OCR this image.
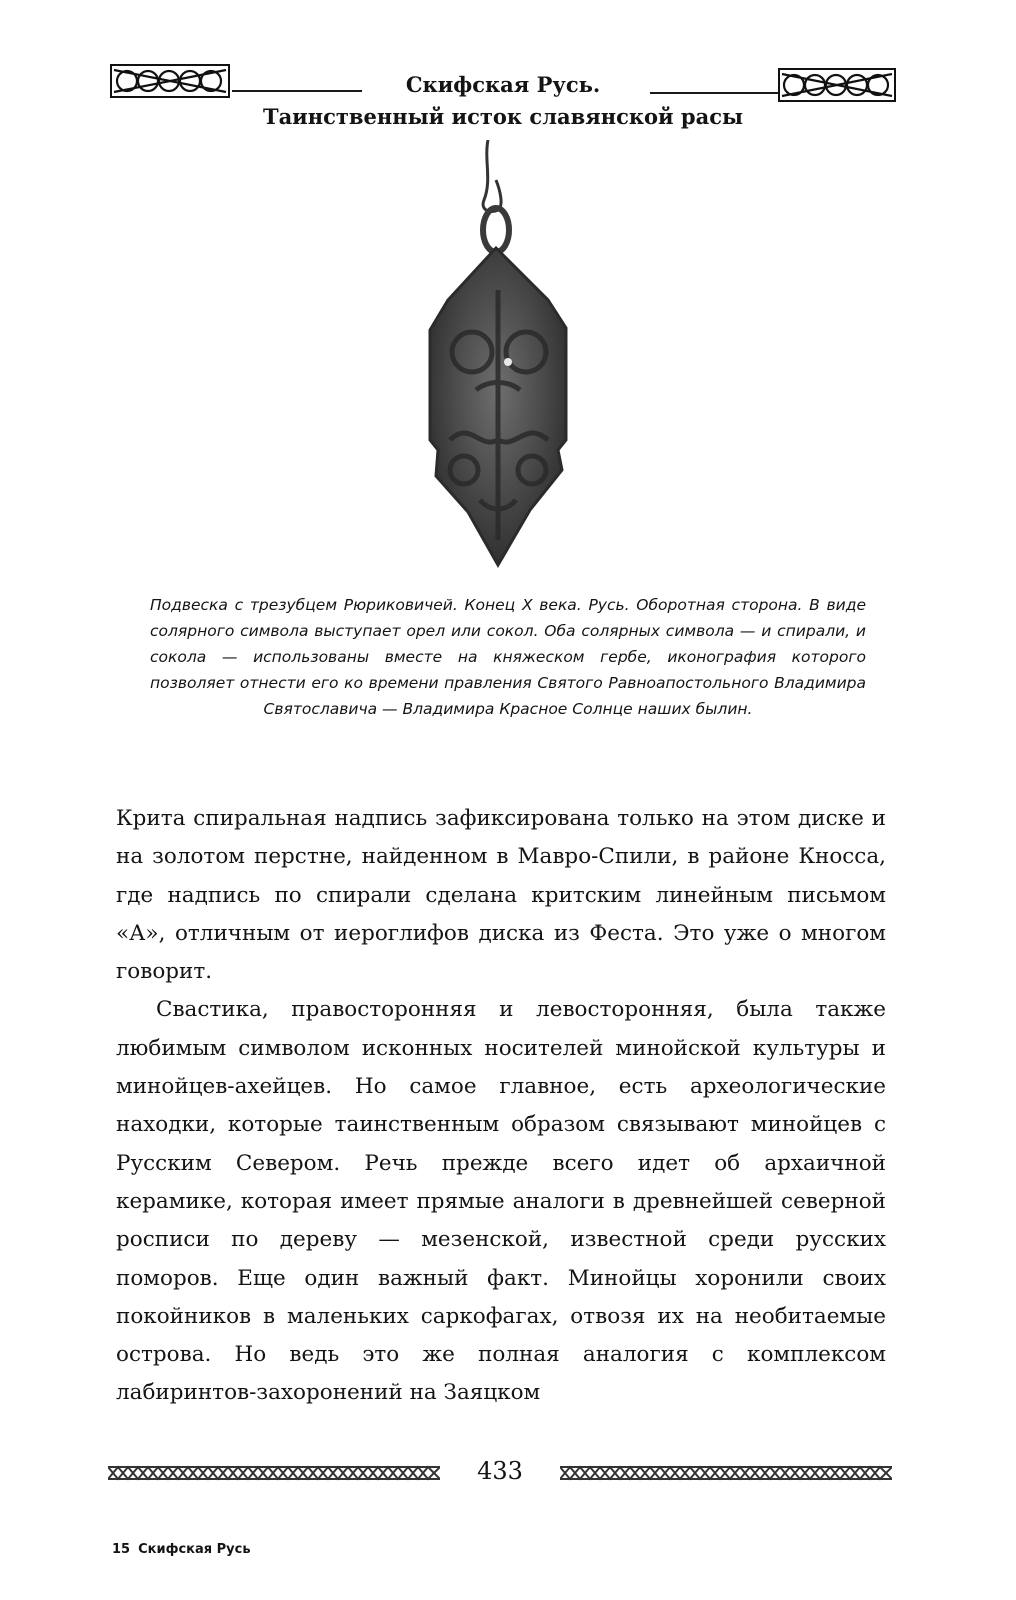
Скифская Русь.
Таинственный исток славянской расы
Подвеска с трезубцем Рюриковичей. Конец X века. Русь. Оборотная сторона. В виде солярного символа выступает орел или сокол. Оба солярных символа — и спирали, и сокола — использованы вместе на княжеском гербе, иконография которого позволяет отнести его ко времени правления Святого Равноапостольного Владимира Святославича — Владимира Красное Солнце наших былин.

Крита спиральная надпись зафиксирована только на этом диске и на золотом перстне, найденном в Мавро-Спили, в районе Кносса, где надпись по спирали сделана критским линейным письмом «А», отличным от иероглифов диска из Феста. Это уже о многом говорит.

Свастика, правосторонняя и левосторонняя, была также любимым символом исконных носителей минойской культуры и минойцев-ахейцев. Но самое главное, есть археологические находки, которые таинственным образом связывают минойцев с Русским Севером. Речь прежде всего идет об архаичной керамике, которая имеет прямые аналоги в древнейшей северной росписи по дереву — мезенской, известной среди русских поморов. Еще один важный факт. Минойцы хоронили своих покойников в маленьких саркофагах, отвозя их на необитаемые острова. Но ведь это же полная аналогия с комплексом лабиринтов-захоронений на Заяцком

433
15 Скифская Русь
